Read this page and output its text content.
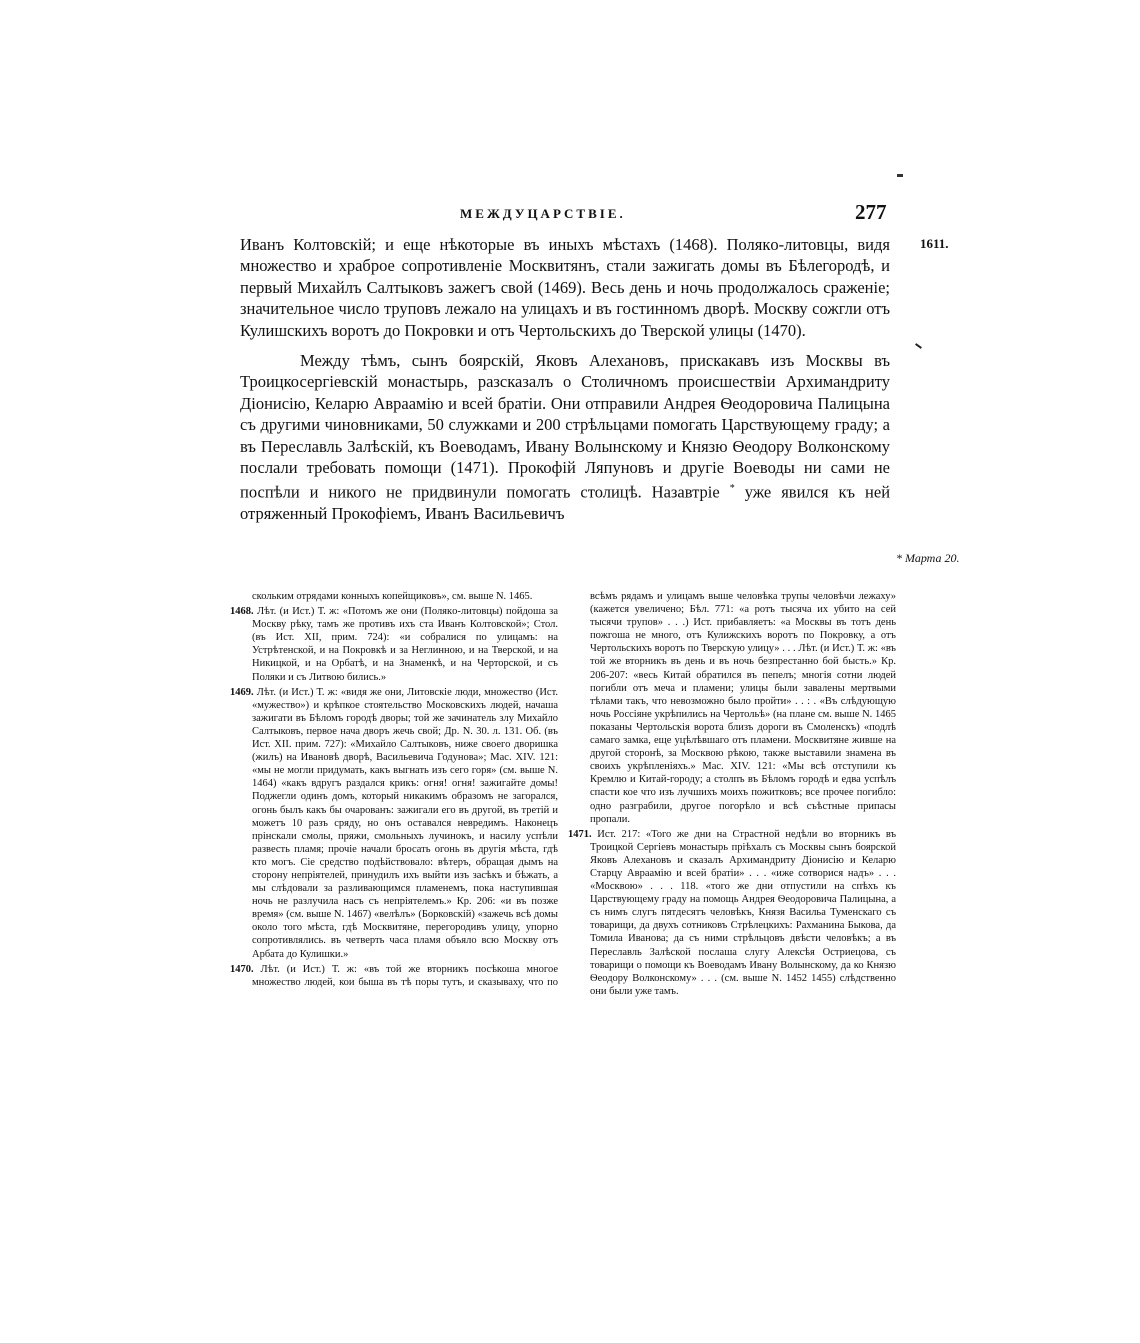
МЕЖДУЦАРСТВІЕ.	277
1611.
* Марта 20.

Иванъ Колтовскій; и еще нѣкоторые въ иныхъ мѣстахъ (1468). Полякo-литовцы, видя множество и храброе сопротивленіе Москвитянъ, стали зажигать домы въ Бѣлегородѣ, и первый Михайлъ Салтыковъ зажегъ свой (1469). Весь день и ночь продолжалось сраженіе; значительное число труповъ лежало на улицахъ и въ гостинномъ дворѣ. Москву сожгли отъ Кулишскихъ воротъ до Покровки и отъ Чертольскихъ до Тверской улицы (1470).

Между тѣмъ, сынъ боярскій, Яковъ Алехановъ, прискакавъ изъ Москвы въ Троицкосергіевскій монастырь, разсказалъ о Столичномъ происшествіи Архимандриту Діонисію, Келарю Авраамію и всей братіи. Они отправили Андрея Ѳеодоровича Палицына съ другими чиновниками, 50 служками и 200 стрѣльцами помогать Царствующему граду; а въ Переславль Залѣскій, къ Воеводамъ, Ивану Волынскому и Князю Ѳеодору Волконскому послали требовать помощи (1471). Прокофій Ляпуновъ и другіе Воеводы ни сами не поспѣли и никого не придвинули помогать столицѣ. Назавтріе * уже явился къ ней отряженный Прокофіемъ, Иванъ Васильевичъ

скольким отрядами конныхъ копейщиковъ», см. выше N. 1465.

1468. Лѣт. (и Ист.) Т. ж: «Потомъ же они (Полякo-литовцы) пойдоша за Москву рѣку, тамъ же противъ ихъ ста Иванъ Колтовской»; Стол. (въ Ист. XII, прим. 724): «и собралися по улицамъ: на Устрѣтенской, и на Покровкѣ и за Неглинною, и на Тверской, и на Никицкой, и на Орбатѣ, и на Знаменкѣ, и на Черторской, и съ Поляки и съ Литвою бились.»

1469. Лѣт. (и Ист.) Т. ж: «видя же они, Литовскіе люди, множество (Ист. «мужество») и крѣпкое стоятельство Московскихъ людей, начаша зажигати въ Бѣломъ городѣ дворы; той же зачинатель злу Михайло Салтыковъ, первое нача дворъ жечь свой; Др. N. 30. л. 131. Об. (въ Ист. XII. прим. 727): «Михайло Салтыковъ, ниже своего дворишка (жилъ) на Ивановѣ дворѣ, Васильевича Годунова»; Мас. XIV. 121: «мы не могли придумать, какъ выгнать изъ сего горя» (см. выше N. 1464) «какъ вдругъ раздался крикъ: огня! огня! зажигайте домы! Поджегли одинъ домъ, который никакимъ образомъ не загорался, огонь былъ какъ бы очарованъ: зажигали его въ другой, въ третій и можетъ 10 разъ сряду, но онъ оставался невредимъ. Наконецъ прінскали смолы, пряжи, смольныхъ лучинокъ, и насилу успѣли развесть пламя; прочіе начали бросать огонь въ другія мѣста, гдѣ кто могъ. Сіе средство подѣйствовало: вѣтеръ, обращая дымъ на сторону непріятелей, принудилъ ихъ выйти изъ засѣкъ и бѣжать, а мы слѣдовали за разливающимся пламенемъ, пока наступившая ночь не разлучила насъ съ непріятелемъ.» Кр. 206: «и въ позже время» (см. выше N. 1467) «велѣлъ» (Борковскій) «зажечь всѣ домы около того мѣста, гдѣ Москвитяне, перегородивъ улицу, упорно сопротивлялись. въ четверть часа пламя объяло всю Москву отъ Арбата до Кулишки.»

1470. Лѣт. (и Ист.) Т. ж: «въ той же вторникъ посѣкоша многое множество людей, кои быша въ тѣ поры тутъ, и сказываху, что по всѣмъ рядамъ и улицамъ выше человѣка трупы человѣчи лежаху» (кажется увеличено; Бѣл. 771: «а ротъ тысяча их убито на сей тысячи трупов» . . .) Ист. прибавляетъ: «а Москвы въ тотъ день пожгоша не много, отъ Кулижскихъ воротъ по Покровку, а отъ Чертольскихъ воротъ по Тверскую улицу» . . . Лѣт. (и Ист.) Т. ж: «въ той же вторникъ въ день и въ ночь безпрестанно бой бысть.» Кр. 206-207: «весь Китай обратился въ пепелъ; многія сотни людей погибли отъ меча и пламени; улицы были завалены мертвыми тѣлами такъ, что невозможно было пройти» . . : . «Въ слѣдующую ночь Россіяне укрѣпились на Чертольѣ» (на плане см. выше N. 1465 показаны Чертольскія ворота близъ дороги въ Смоленскъ) «подлѣ самаго замка, еще уцѣлѣвшаго отъ пламени. Москвитяне живше на другой сторонѣ, за Москвою рѣкою, также выставили знамена въ своихъ укрѣпленіяхъ.» Мас. XIV. 121: «Мы всѣ отступили къ Кремлю и Китай-городу; а столпъ въ Бѣломъ городѣ и едва успѣлъ спасти кое что изъ лучшихъ моихъ пожитковъ; все прочее погибло: одно разграбили, другое погорѣло и всѣ съѣстные припасы пропали.

1471. Ист. 217: «Того же дни на Страстной недѣли во вторникъ въ Троицкой Сергіевъ монастырь пріѣхалъ съ Москвы сынъ боярской Яковъ Алехановъ и сказалъ Архимандриту Діонисію и Келарю Старцу Авраамію и всей братіи» . . . «иже сотворися надъ» . . . «Москвою» . . . 118. «того же дни отпустили на спѣхъ къ Царствующему граду на помощь Андрея Ѳеодоровича Палицына, а съ нимъ слугъ пятдесятъ человѣкъ, Князя Васильа Туменскаго съ товарищи, да двухъ сотниковъ Стрѣлецкихъ: Рахманина Быкова, да Томила Иванова; да съ ними стрѣльцовъ двѣсти человѣкъ; а въ Переславль Залѣской послаша слугу Алексѣя Остриецова, съ товарищи о помощи къ Воеводамъ Ивану Волынскому, да ко Князю Ѳеодору Волконскому» . . . (см. выше N. 1452 1455) слѣдственно они были уже тамъ.
